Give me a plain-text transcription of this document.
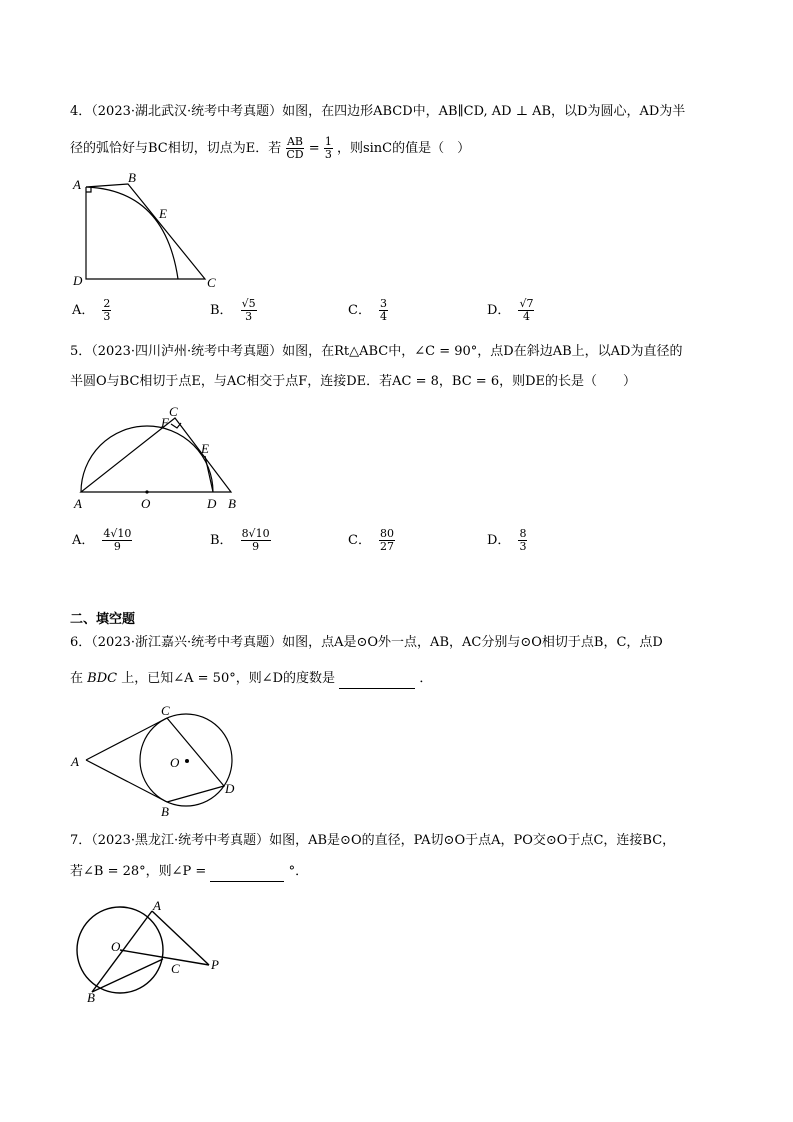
4．（2023·湖北武汉·统考中考真题）如图，在四边形ABCD中，AB∥CD, AD ⊥ AB，以D为圆心，AD为半
径的弧恰好与BC相切，切点为E．若 $\frac{AB}{CD} = \frac{1}{3}$ ，则sinC的值是（　）
A	B
E
D	C
A． $\frac{2}{3}$	B． $\frac{√5}{3}$	C． $\frac{3}{4}$	D． $\frac{√7}{4}$
5．（2023·四川泸州·统考中考真题）如图，在Rt△ABC中，∠C = 90°，点D在斜边AB上，以AD为直径的
半圆O与BC相切于点E，与AC相交于点F，连接DE．若AC = 8，BC = 6，则DE的长是（　　）
C
F
E
A	O	D B
A． $\frac{4√10}{9}$	B． $\frac{8√10}{9}$	C． $\frac{80}{27}$	D． $\frac{8}{3}$
二、填空题
6．（2023·浙江嘉兴·统考中考真题）如图，点A是⊙O外一点，AB，AC分别与⊙O相切于点B，C，点D
在 BDC 上，已知∠A = 50°，则∠D的度数是	．
C
A	O
D
B
7．（2023·黑龙江·统考中考真题）如图，AB是⊙O的直径，PA切⊙O于点A，PO交⊙O于点C，连接BC，
若∠B = 28°，则∠P =	°．
A
O
C P
B
